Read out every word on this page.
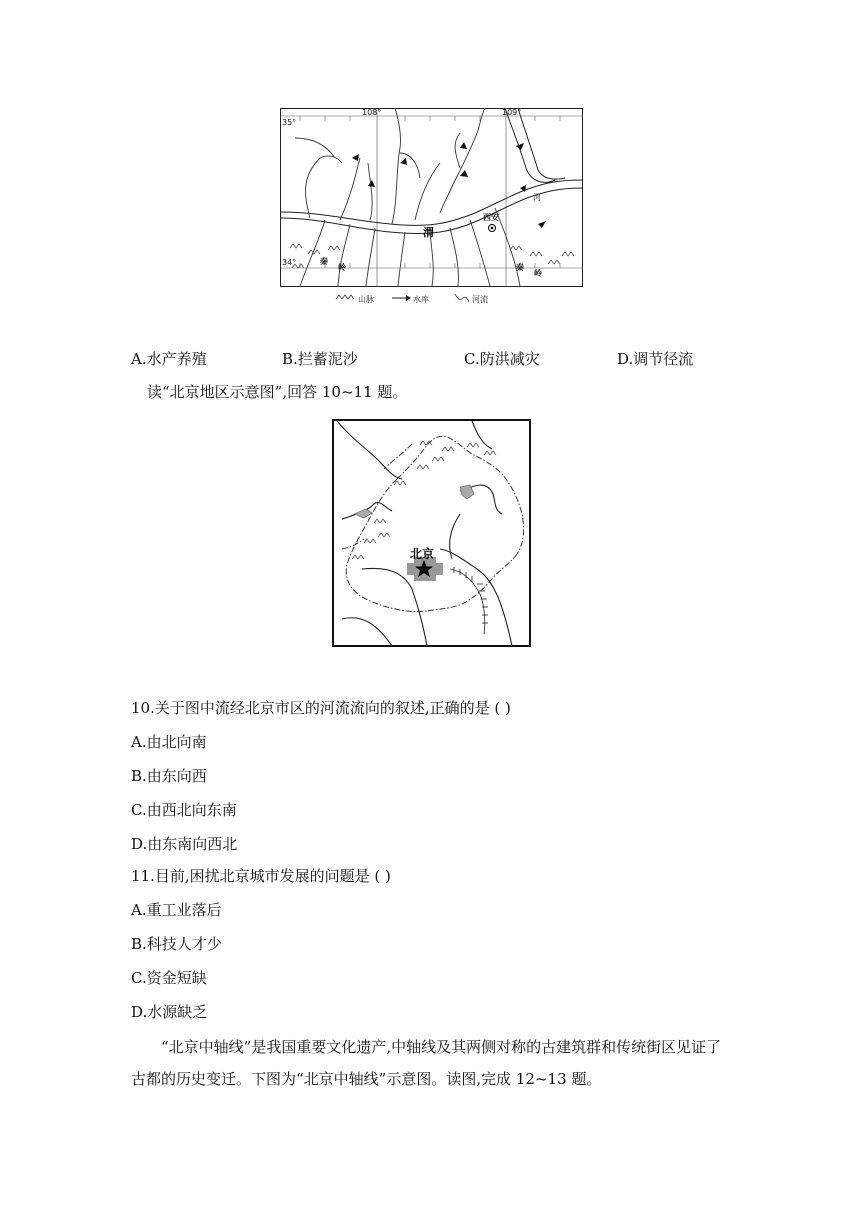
108°	109°
35°
34°
西安
渭
河
秦
岭	秦
岭
山脉	水库	河流
A.水产养殖	B.拦蓄泥沙	C.防洪减灾	D.调节径流
读“北京地区示意图”,回答 10~11 题。
北京
10.关于图中流经北京市区的河流流向的叙述,正确的是 ( )
A.由北向南
B.由东向西
C.由西北向东南
D.由东南向西北
11.目前,困扰北京城市发展的问题是 ( )
A.重工业落后
B.科技人才少
C.资金短缺
D.水源缺乏
“北京中轴线”是我国重要文化遗产,中轴线及其两侧对称的古建筑群和传统街区见证了
古都的历史变迁。下图为“北京中轴线”示意图。读图,完成 12~13 题。
